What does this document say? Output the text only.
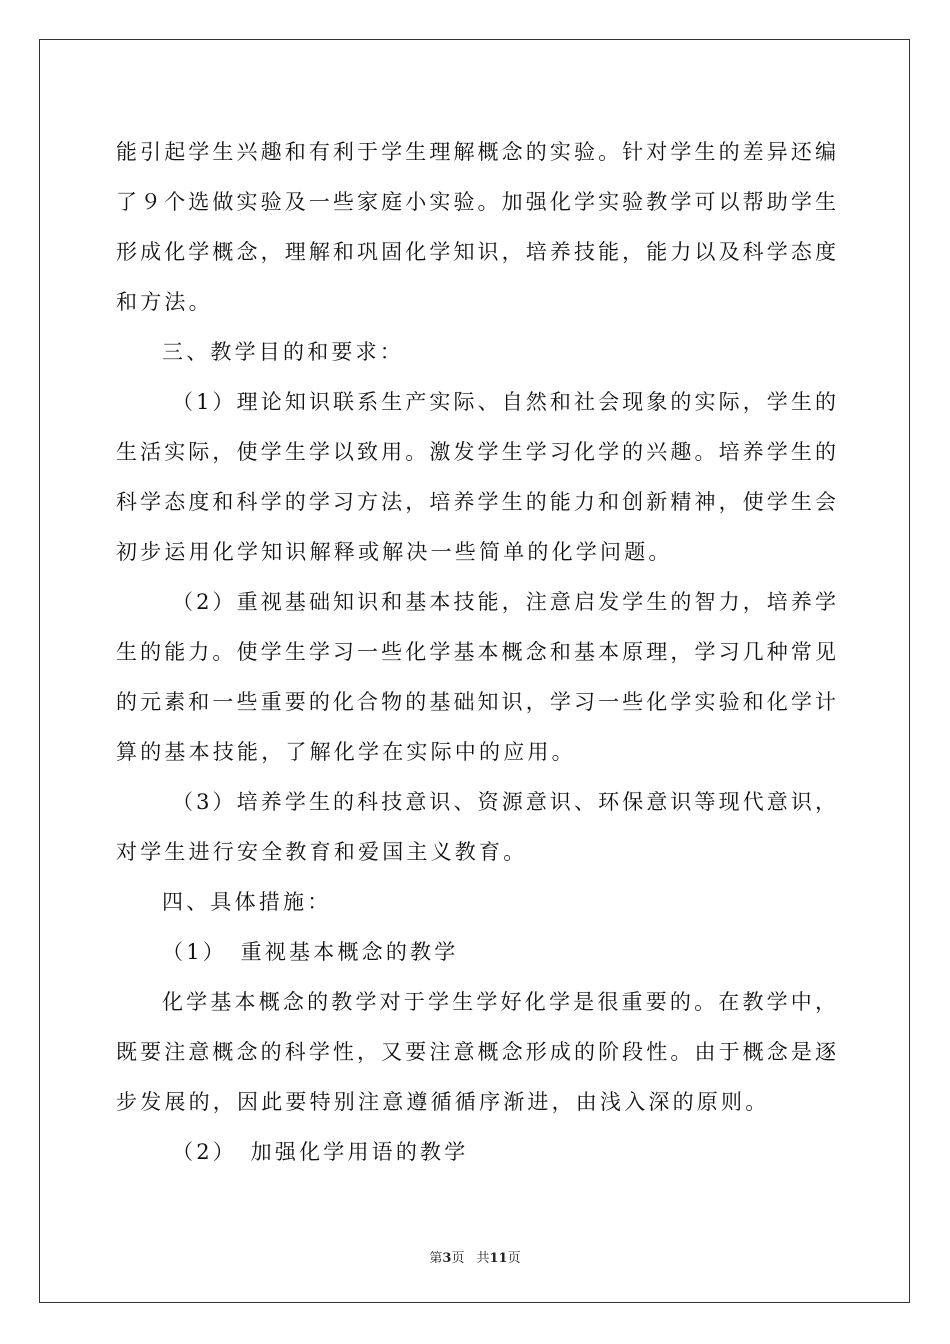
能引起学生兴趣和有利于学生理解概念的实验。针对学生的差异还编
了９个选做实验及一些家庭小实验。加强化学实验教学可以帮助学生
形成化学概念，理解和巩固化学知识，培养技能，能力以及科学态度
和方法。
三、教学目的和要求：
（1）理论知识联系生产实际、自然和社会现象的实际，学生的
生活实际，使学生学以致用。激发学生学习化学的兴趣。培养学生的
科学态度和科学的学习方法，培养学生的能力和创新精神，使学生会
初步运用化学知识解释或解决一些简单的化学问题。
（2）重视基础知识和基本技能，注意启发学生的智力，培养学
生的能力。使学生学习一些化学基本概念和基本原理，学习几种常见
的元素和一些重要的化合物的基础知识，学习一些化学实验和化学计
算的基本技能，了解化学在实际中的应用。
（3）培养学生的科技意识、资源意识、环保意识等现代意识，
对学生进行安全教育和爱国主义教育。
四、具体措施：
（1）　重视基本概念的教学
化学基本概念的教学对于学生学好化学是很重要的。在教学中，
既要注意概念的科学性，又要注意概念形成的阶段性。由于概念是逐
步发展的，因此要特别注意遵循循序渐进，由浅入深的原则。
（2）　加强化学用语的教学
第3页 共11页
